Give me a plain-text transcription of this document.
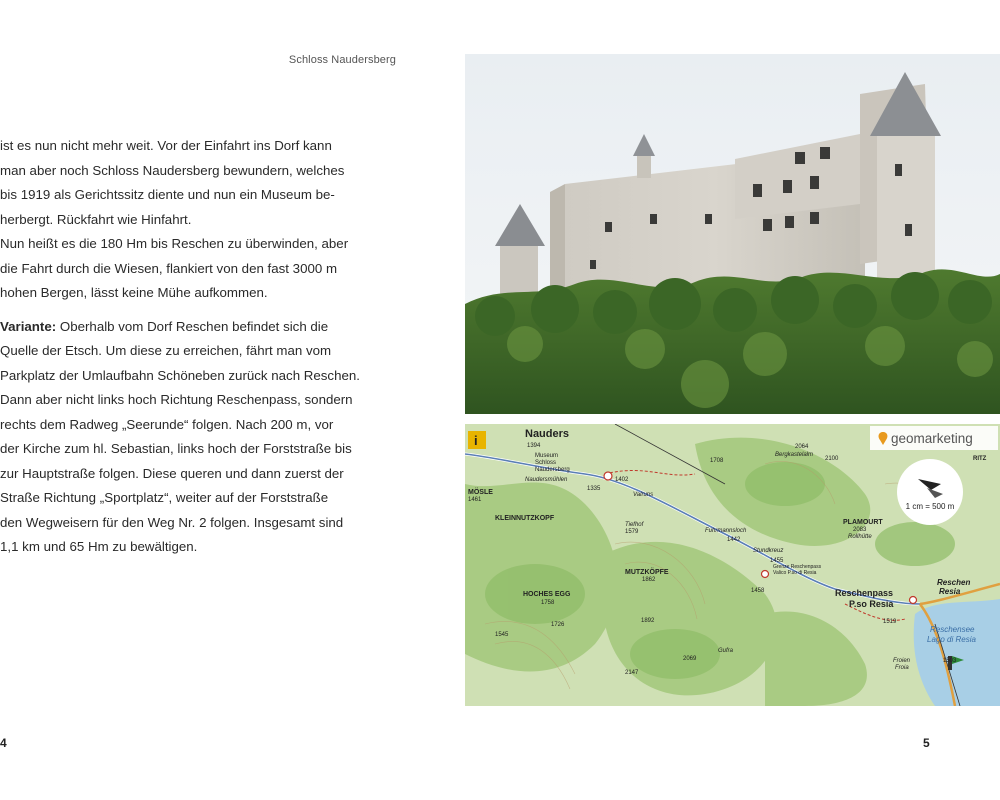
Schloss Naudersberg

ist es nun nicht mehr weit. Vor der Einfahrt ins Dorf kann
man aber noch Schloss Naudersberg bewundern, welches
bis 1919 als Gerichtssitz diente und nun ein Museum be-
herbergt. Rückfahrt wie Hinfahrt.

Nun heißt es die 180 Hm bis Reschen zu überwinden, aber
die Fahrt durch die Wiesen, flankiert von den fast 3000 m
hohen Bergen, lässt keine Mühe aufkommen.

Variante: Oberhalb vom Dorf Reschen befindet sich die
Quelle der Etsch. Um diese zu erreichen, fährt man vom
Parkplatz der Umlaufbahn Schöneben zurück nach Reschen.
Dann aber nicht links hoch Richtung Reschenpass, sondern
rechts dem Radweg „Seerunde“ folgen. Nach 200 m, vor
der Kirche zum hl. Sebastian, links hoch der Forststraße bis
zur Hauptstraße folgen. Diese queren und dann zuerst der
Straße Richtung „Sportplatz“, weiter auf der Forststraße
den Wegweisern für den Weg Nr. 2 folgen. Insgesamt sind
1,1 km und 65 Hm zu bewältigen.

4	5
geomarketing
1 cm = 500 m
i	Nauders
1394
Museum
Schloss
Naudersberg
Naudersmühlen
MÖSLE
1461
KLEINNUTZKOPF
Tiefhof
1579
Valruns
1335
1402
1708
Bergkastelalm
2064
2100
Fuhrmannsloch
1442
Stundkreuz
PLAMOURT
2083
Rollhütte
MUTZKÖPFE
1862
HOCHES EGG
1758
Grenze Reschenpass
Valico P.so di Resia
1455
1458	Reschenpass
P.so Resia
Reschen
Resia
1519
1726
1892
1545
2069
Gufra
2147
Reschensee
Lago di Resia
Froien
Froia
1503
RITZ
